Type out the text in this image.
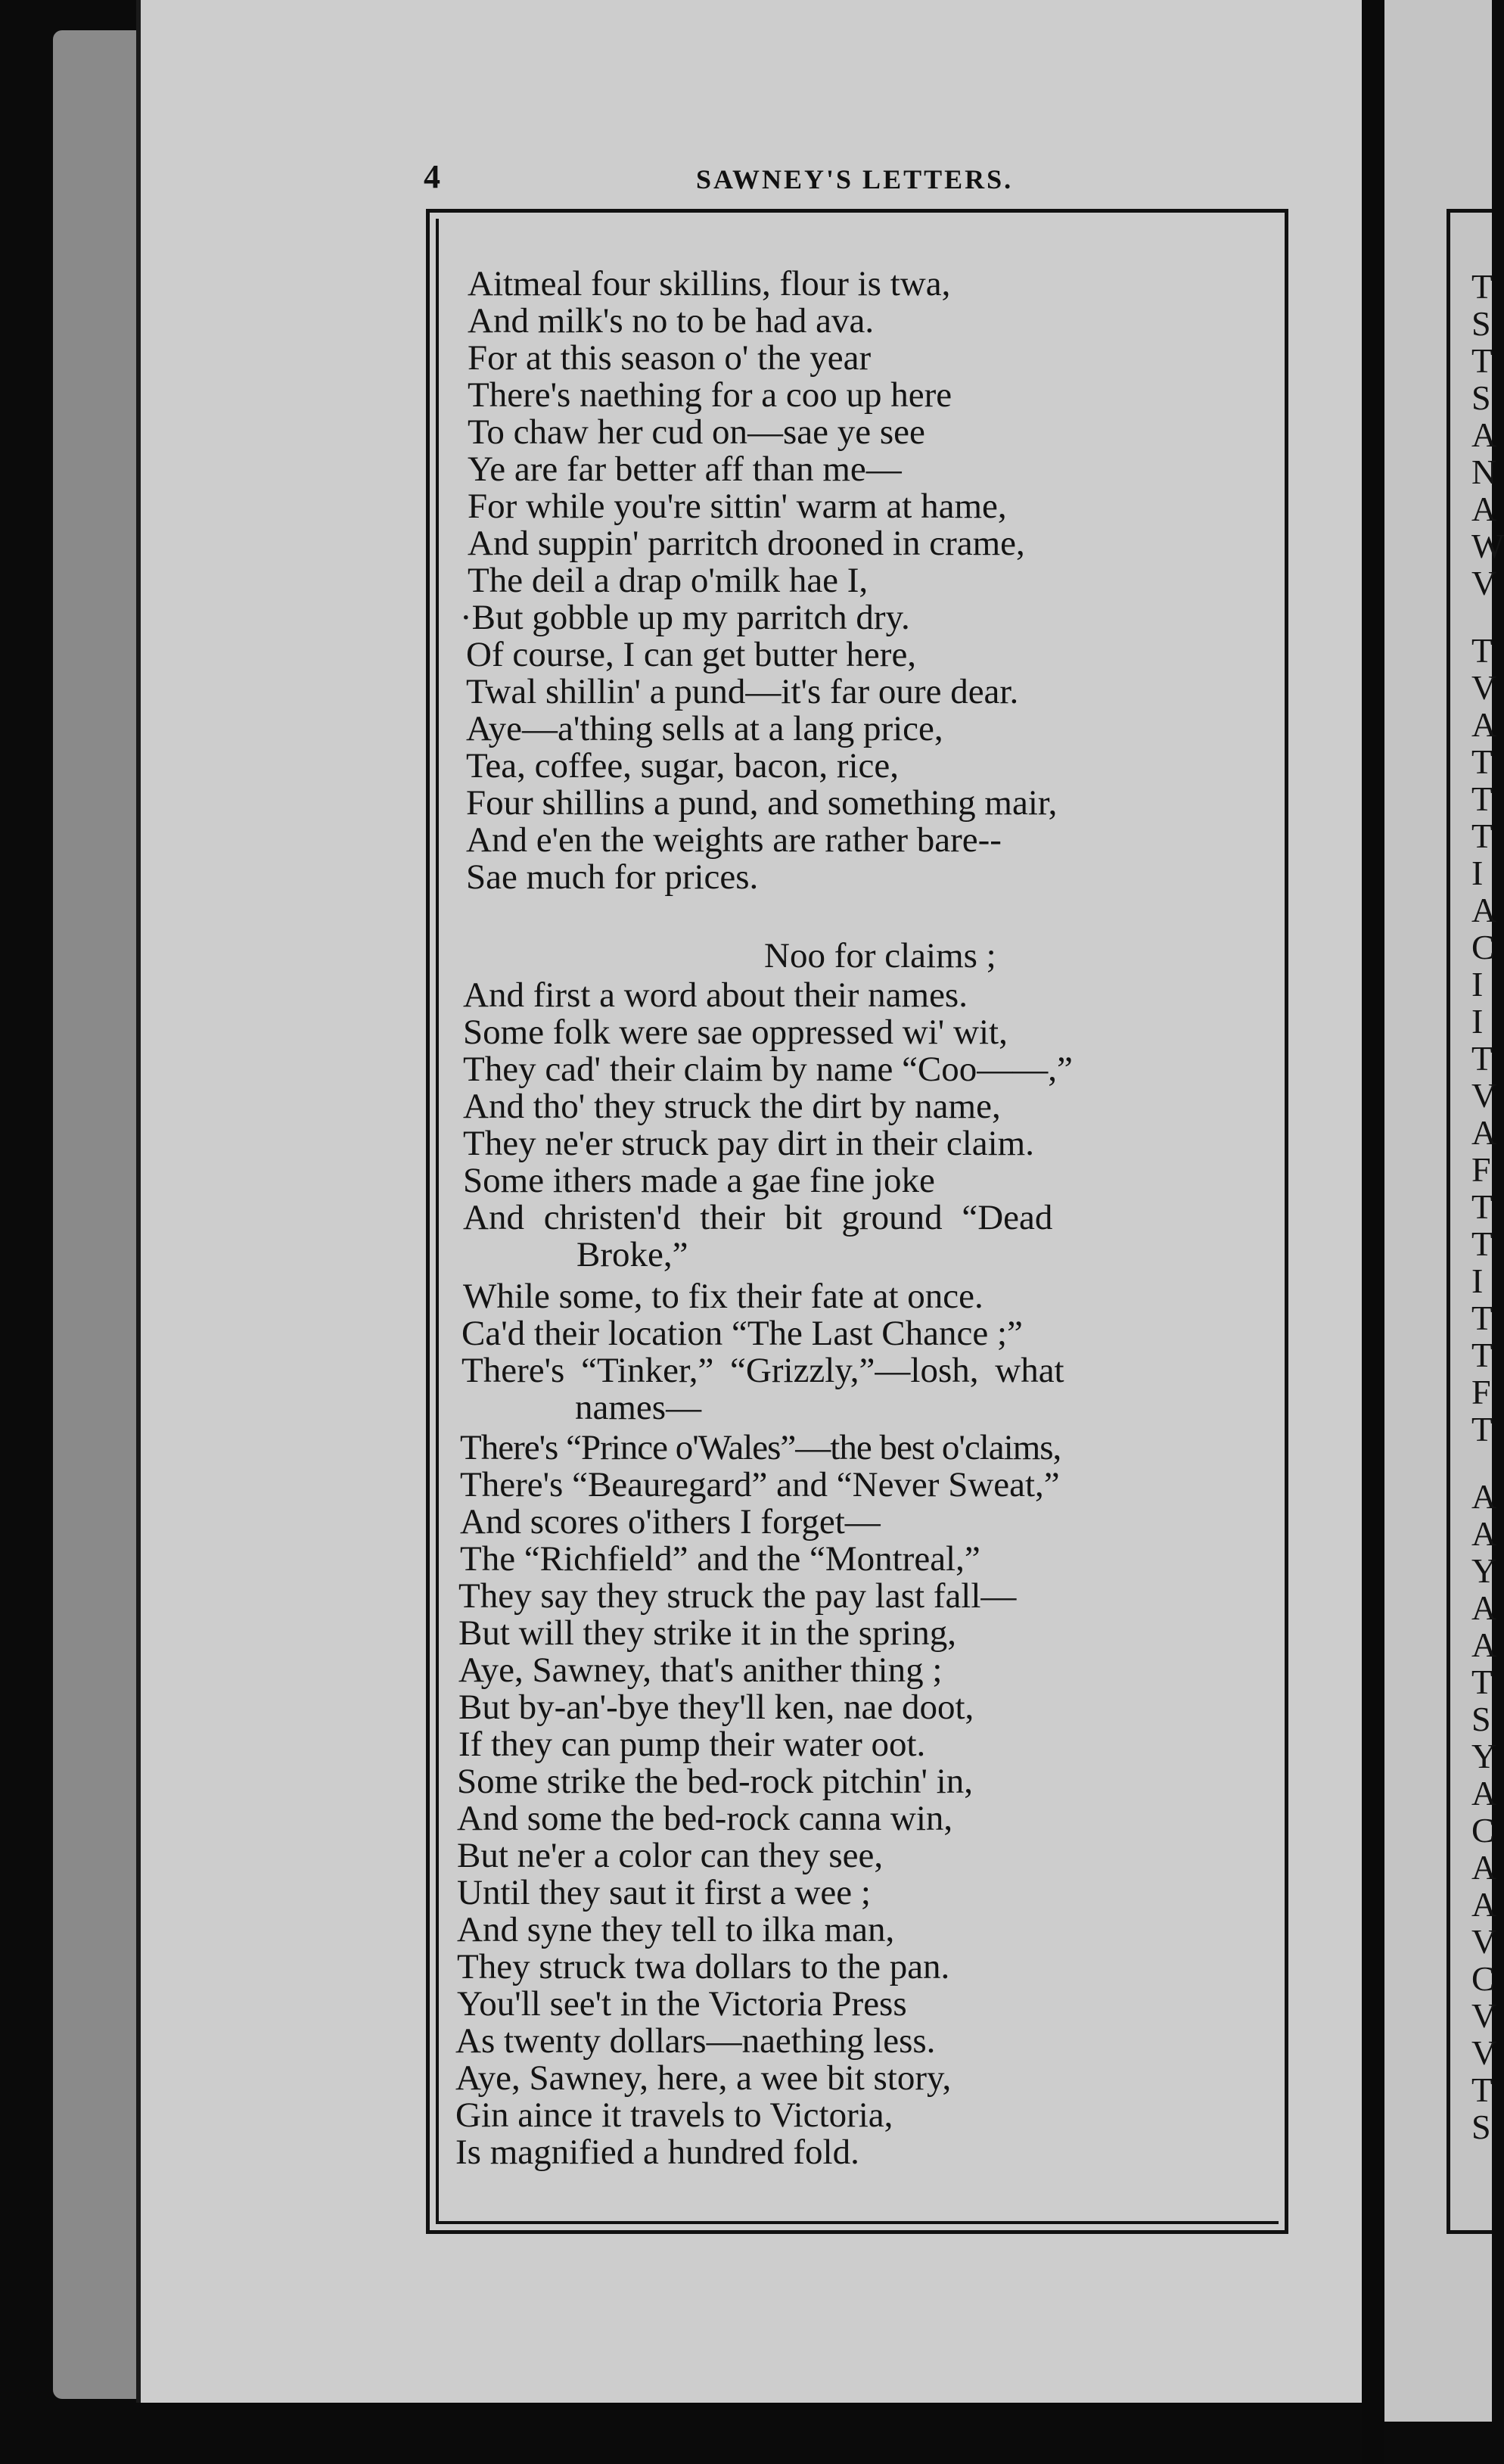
4	SAWNEY'S LETTERS.
Aitmeal four skillins, flour is twa,
And milk's no to be had ava.
For at this season o' the year
There's naething for a coo up here
To chaw her cud on—sae ye see
Ye are far better aff than me—
For while you're sittin' warm at hame,
And suppin' parritch drooned in crame,
The deil a drap o'milk hae I,
·But gobble up my parritch dry.
Of course, I can get butter here,
Twal shillin' a pund—it's far oure dear.
Aye—a'thing sells at a lang price,
Tea, coffee, sugar, bacon, rice,
Four shillins a pund, and something mair,
And e'en the weights are rather bare--
Sae much for prices.
Noo for claims ;
And first a word about their names.
Some folk were sae oppressed wi' wit,
They cad' their claim by name “Coo——,”
And tho' they struck the dirt by name,
They ne'er struck pay dirt in their claim.
Some ithers made a gae fine joke
And christen'd their bit ground “Dead
Broke,”
While some, to fix their fate at once.
Ca'd their location “The Last Chance ;”
There's “Tinker,” “Grizzly,”—losh, what
names—
There's “Prince o'Wales”—the best o'claims,
There's “Beauregard” and “Never Sweat,”
And scores o'ithers I forget—
The “Richfield” and the “Montreal,”
They say they struck the pay last fall—
But will they strike it in the spring,
Aye, Sawney, that's anither thing ;
But by-an'-bye they'll ken, nae doot,
If they can pump their water oot.
Some strike the bed-rock pitchin' in,
And some the bed-rock canna win,
But ne'er a color can they see,
Until they saut it first a wee ;
And syne they tell to ilka man,
They struck twa dollars to the pan.
You'll see't in the Victoria Press
As twenty dollars—naething less.
Aye, Sawney, here, a wee bit story,
Gin aince it travels to Victoria,
Is magnified a hundred fold.
T
S
T
S
A
N
A
W
V
T
V
A
T
T
T
I
A
C
I
I
T
V
A
F
T
T
I
T
T
F
T
A
A
Y
A
A
T
S
Y
A
C
A
A
V
C
V
V
T
S
